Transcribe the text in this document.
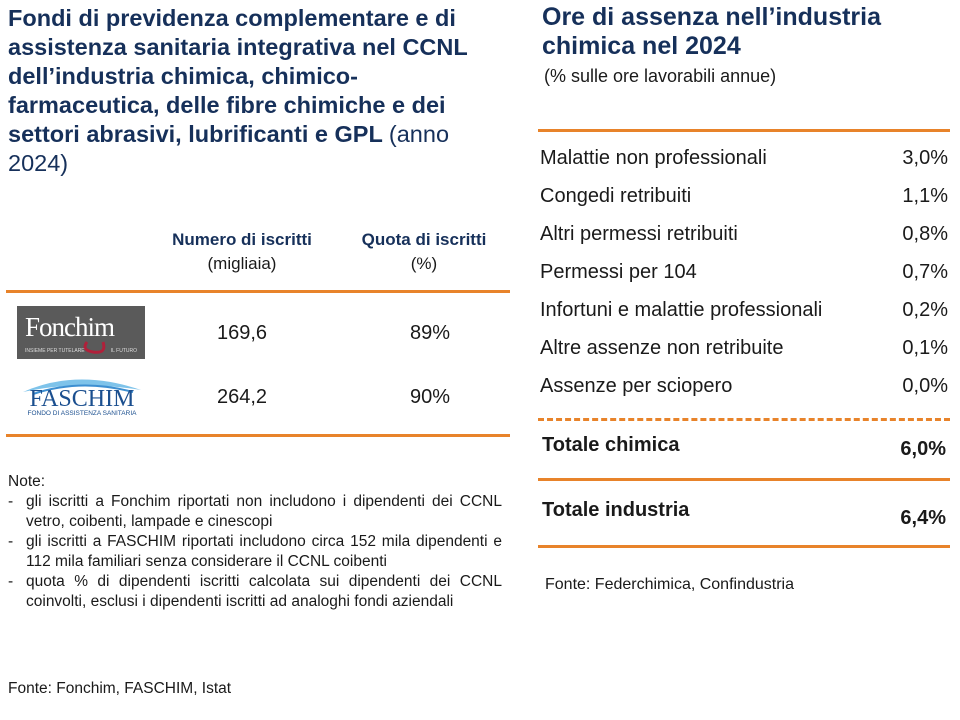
Fondi di previdenza complementare e di assistenza sanitaria integrativa nel CCNL dell’industria chimica, chimico-farmaceutica, delle fibre chimiche e dei settori abrasivi, lubrificanti e GPL (anno 2024)
Numero di iscritti
(migliaia)
Quota di iscritti
(%)
Fonchim
INSIEME PER TUTELARE	IL FUTURO
169,6	89%
FASCHIM
FONDO DI ASSISTENZA SANITARIA
264,2	90%
Note:
- gli iscritti a Fonchim riportati non includono i dipendenti dei CCNL vetro, coibenti, lampade e cinescopi
- gli iscritti a FASCHIM riportati includono circa 152 mila dipendenti e 112 mila familiari senza considerare il CCNL coibenti
- quota % di dipendenti iscritti calcolata sui dipendenti dei CCNL coinvolti, esclusi i dipendenti iscritti ad analoghi fondi aziendali
Fonte: Fonchim, FASCHIM, Istat
Ore di assenza nell’industria
chimica nel 2024
(% sulle ore lavorabili annue)
Malattie non professionali	3,0%
Congedi retribuiti	1,1%
Altri permessi retribuiti	0,8%
Permessi per 104	0,7%
Infortuni e malattie professionali	0,2%
Altre assenze non retribuite	0,1%
Assenze per sciopero	0,0%
Totale chimica	6,0%
Totale industria	6,4%
Fonte: Federchimica, Confindustria
